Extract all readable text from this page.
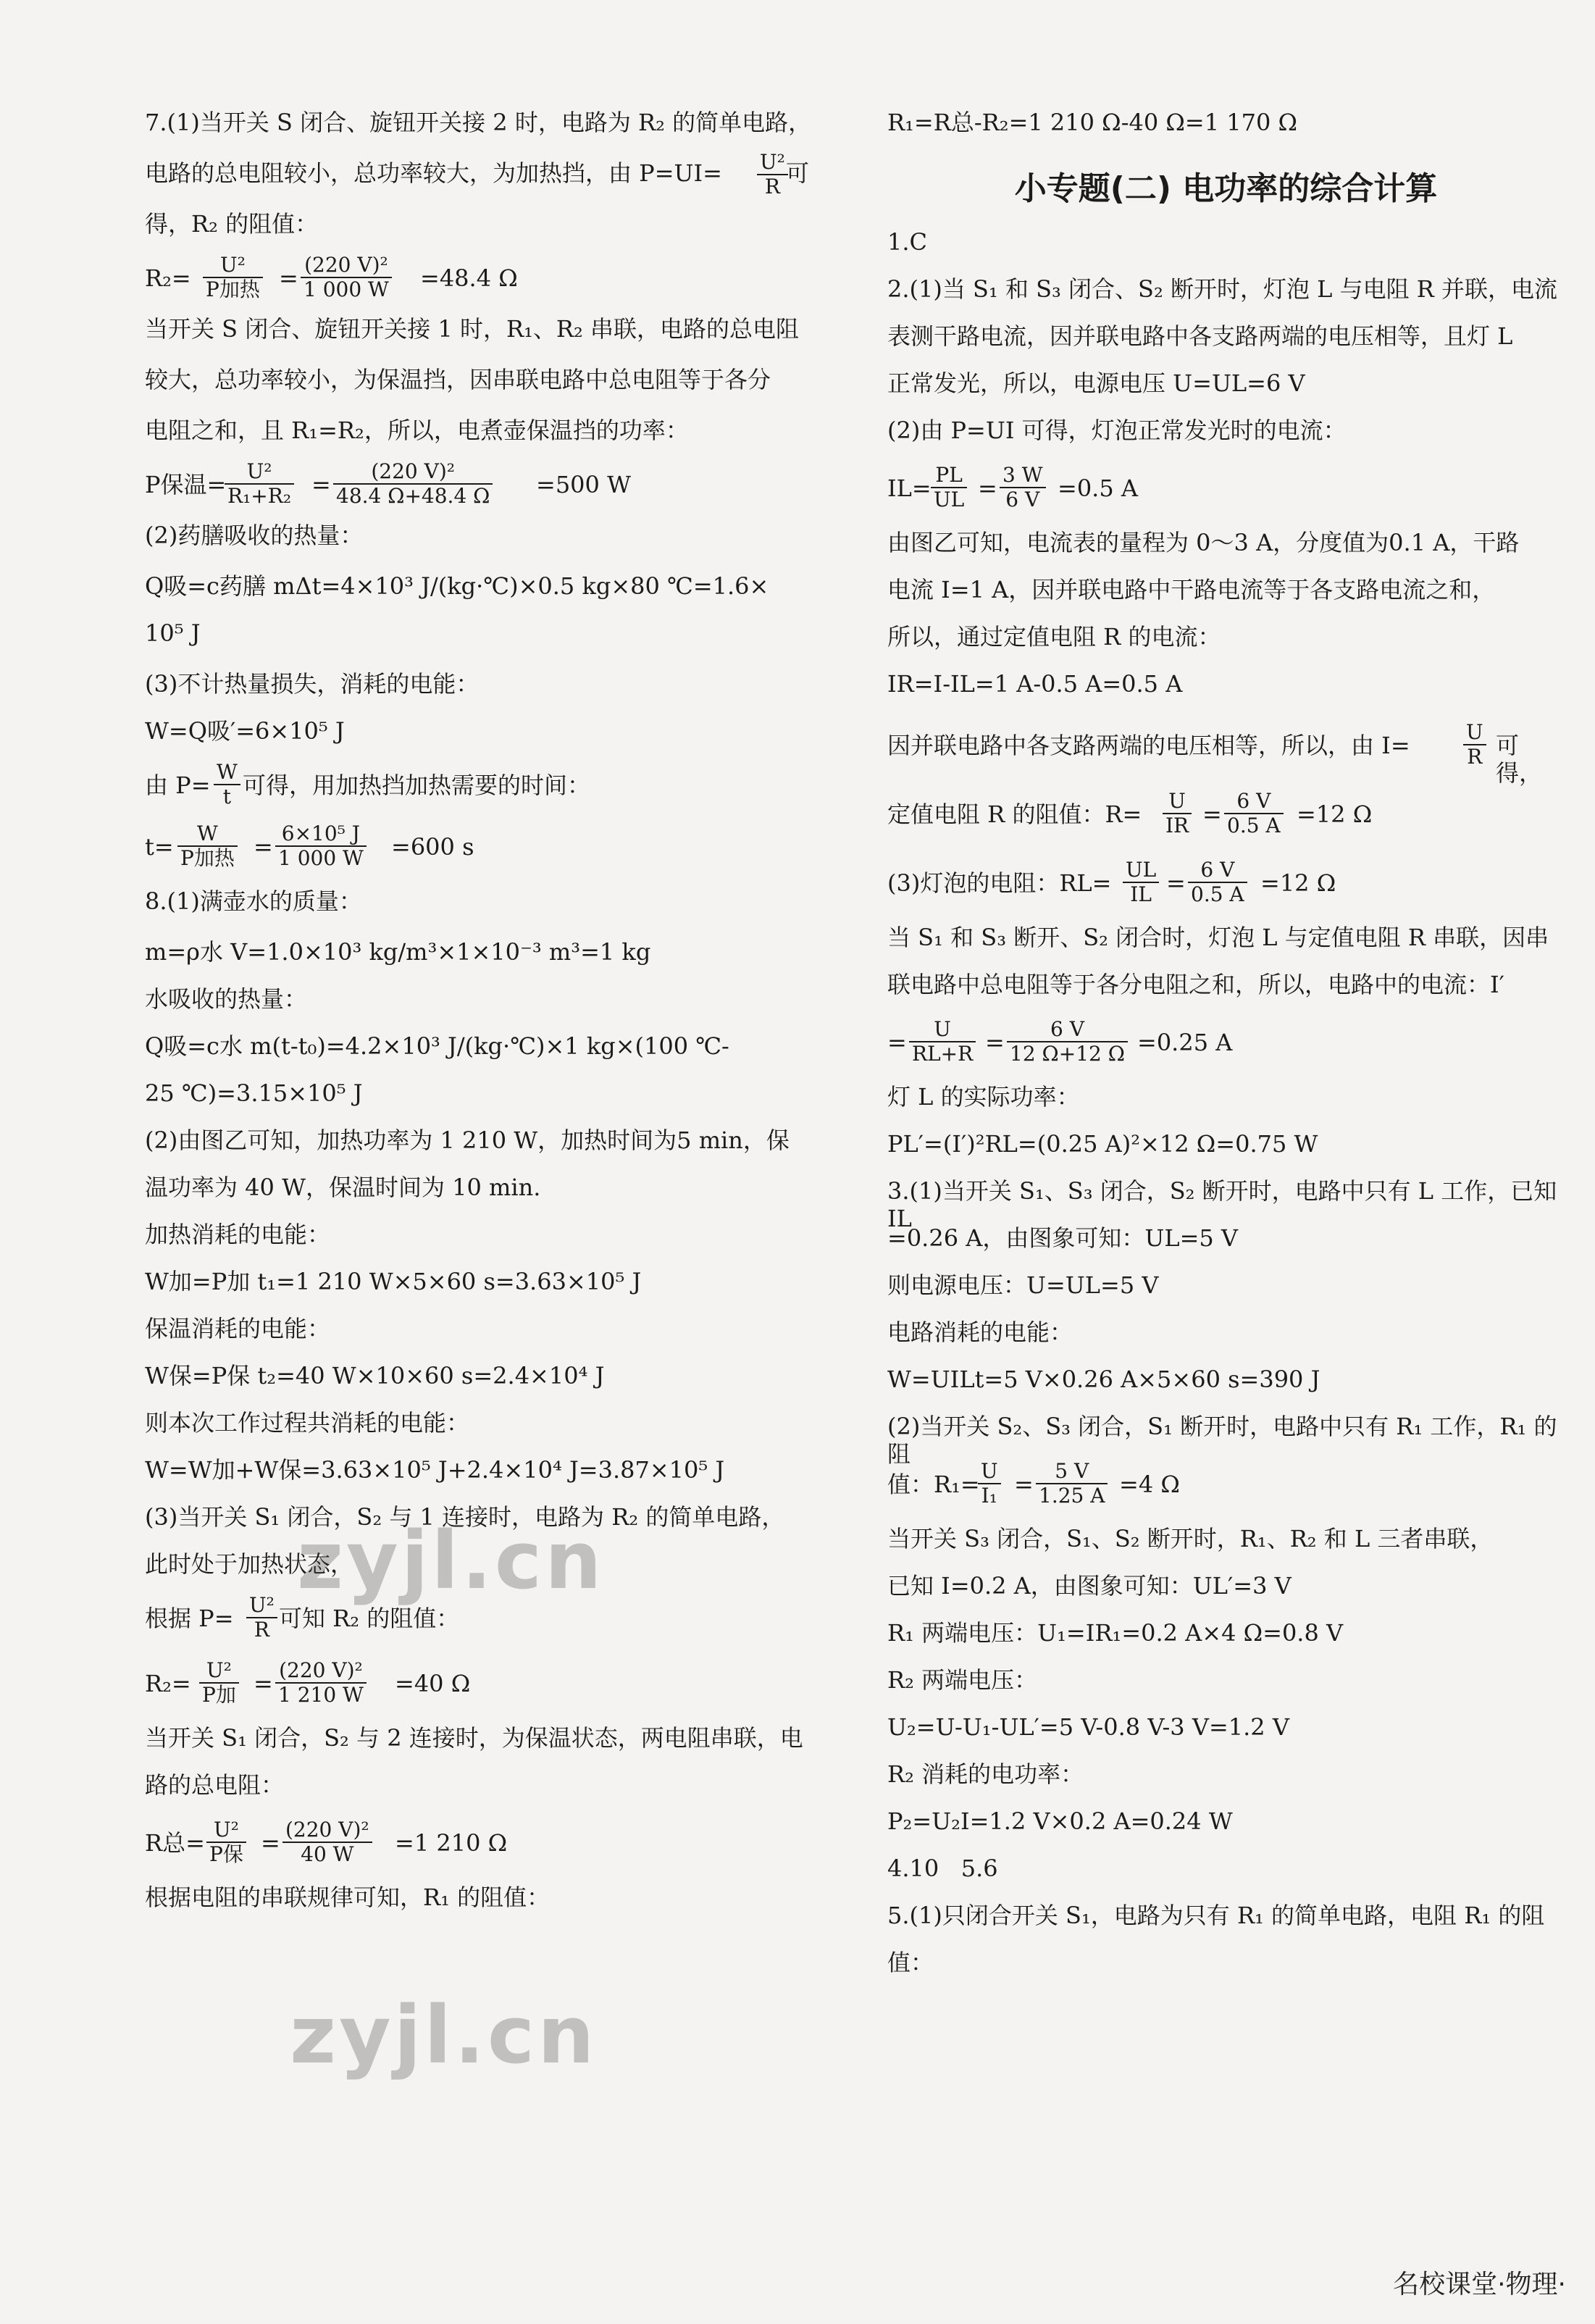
7.(1)当开关 S 闭合、旋钮开关接 2 时，电路为 R₂ 的简单电路，
电路的总电阻较小，总功率较大，为加热挡，由 $P=UI= \frac{\text{U²}}{R}$
可
得，R₂ 的阻值：
R₂=	U²
P加热 = $\frac{\text{(220 V)²}}{1 000 W} =48.4$ Ω
当开关 S 闭合、旋钮开关接 1 时，R₁、R₂ 串联，电路的总电阻
较大，总功率较小，为保温挡，因串联电路中总电阻等于各分
电阻之和，且 R₁=R₂，所以，电煮壶保温挡的功率：
P保温=
$\frac{\text{U²}}{\text{R₁+R₂}} = \frac{\text{(220 V)²}}{48.4 \Omega+48.4 \Omega} =500$ W
(2)药膳吸收的热量：
Q吸=c药膳 mΔt=4×10³ J/(kg·℃)×0.5 kg×80 ℃=1.6×
10⁵ J
(3)不计热量损失，消耗的电能：
W=Q吸′=6×10⁵ J
由 $P= \frac{W}{t}$ 可得，用加热挡加热需要的时间：
t=	W
P加热 = $\frac{\text{6×10⁵ J}}{1 000 W} =600$ s
8.(1)满壶水的质量：
m=ρ水 V=1.0×10³ kg/m³×1×10⁻³ m³=1 kg
水吸收的热量：
Q吸=c水 m(t-t₀)=4.2×10³ J/(kg·℃)×1 kg×(100 ℃-
25 ℃)=3.15×10⁵ J
(2)由图乙可知，加热功率为 1 210 W，加热时间为5 min，保
温功率为 40 W，保温时间为 10 min.
加热消耗的电能：
W加=P加 t₁=1 210 W×5×60 s=3.63×10⁵ J
保温消耗的电能：
W保=P保 t₂=40 W×10×60 s=2.4×10⁴ J
则本次工作过程共消耗的电能：
W=W加+W保=3.63×10⁵ J+2.4×10⁴ J=3.87×10⁵ J
(3)当开关 S₁ 闭合，S₂ 与 1 连接时，电路为 R₂ 的简单电路，
此时处于加热状态，
根据 $P= \frac{\text{U²}}{R}$ 可知 R₂ 的阻值：
R₂= U²
P加 = $\frac{\text{(220 V)²}}{1 210 W} =40$ Ω
当开关 S₁ 闭合，S₂ 与 2 连接时，为保温状态，两电阻串联，电
路的总电阻：
R总= U²
P保 = $\frac{\text{(220 V)²}}{40 W} =1$ 210 Ω
根据电阻的串联规律可知，R₁ 的阻值：
R₁=R总-R₂=1 210 Ω-40 Ω=1 170 Ω
小专题(二) 电功率的综合计算
1.C
2.(1)当 S₁ 和 S₃ 闭合、S₂ 断开时，灯泡 L 与电阻 R 并联，电流
表测干路电流，因并联电路中各支路两端的电压相等，且灯 L
正常发光，所以，电源电压 U=UL=6 V
(2)由 P=UI 可得，灯泡正常发光时的电流：
$IL= \frac{PL}{UL} = \frac{3 W}{6 V} =0.5$ A
由图乙可知，电流表的量程为 0～3 A，分度值为0.1 A，干路
电流 I=1 A，因并联电路中干路电流等于各支路电流之和，
所以，通过定值电阻 R 的电流：
IR=I-IL=1 A-0.5 A=0.5 A
因并联电路中各支路两端的电压相等，所以，由 I=	$\frac{U}{R}$ 可得，
定值电阻 R 的阻值：$R= \frac{U}{IR} = \frac{6 V}{0.5 A} =12$ Ω
(3)灯泡的电阻：$RL= \frac{UL}{IL} = \frac{6 V}{0.5 A} =12$ Ω
当 S₁ 和 S₃ 断开、S₂ 闭合时，灯泡 L 与定值电阻 R 串联，因串
联电路中总电阻等于各分电阻之和，所以，电路中的电流：I′
= $\frac{U}{RL+R} = \frac{6 V}{12 \Omega+12 \Omega} =0.25$ A
灯 L 的实际功率：
PL′=(I′)²RL=(0.25 A)²×12 Ω=0.75 W
3.(1)当开关 S₁、S₃ 闭合，S₂ 断开时，电路中只有 L 工作，已知 IL
=0.26 A，由图象可知：UL=5 V
则电源电压：U=UL=5 V
电路消耗的电能：
W=UILt=5 V×0.26 A×5×60 s=390 J
(2)当开关 S₂、S₃ 闭合，S₁ 断开时，电路中只有 R₁ 工作，R₁ 的阻
值：R₁=
$\frac{U}{\text{I₁}} = \frac{5 V}{1.25 A} =4$ Ω
当开关 S₃ 闭合，S₁、S₂ 断开时，R₁、R₂ 和 L 三者串联，
已知 I=0.2 A，由图象可知：UL′=3 V
R₁ 两端电压：U₁=IR₁=0.2 A×4 Ω=0.8 V
R₂ 两端电压：
U₂=U-U₁-UL′=5 V-0.8 V-3 V=1.2 V
R₂ 消耗的电功率：
P₂=U₂I=1.2 V×0.2 A=0.24 W
4.10   5.6
5.(1)只闭合开关 S₁，电路为只有 R₁ 的简单电路，电阻 R₁ 的阻
值：
zyjl.cn
zyjl.cn
名校课堂·物理·
